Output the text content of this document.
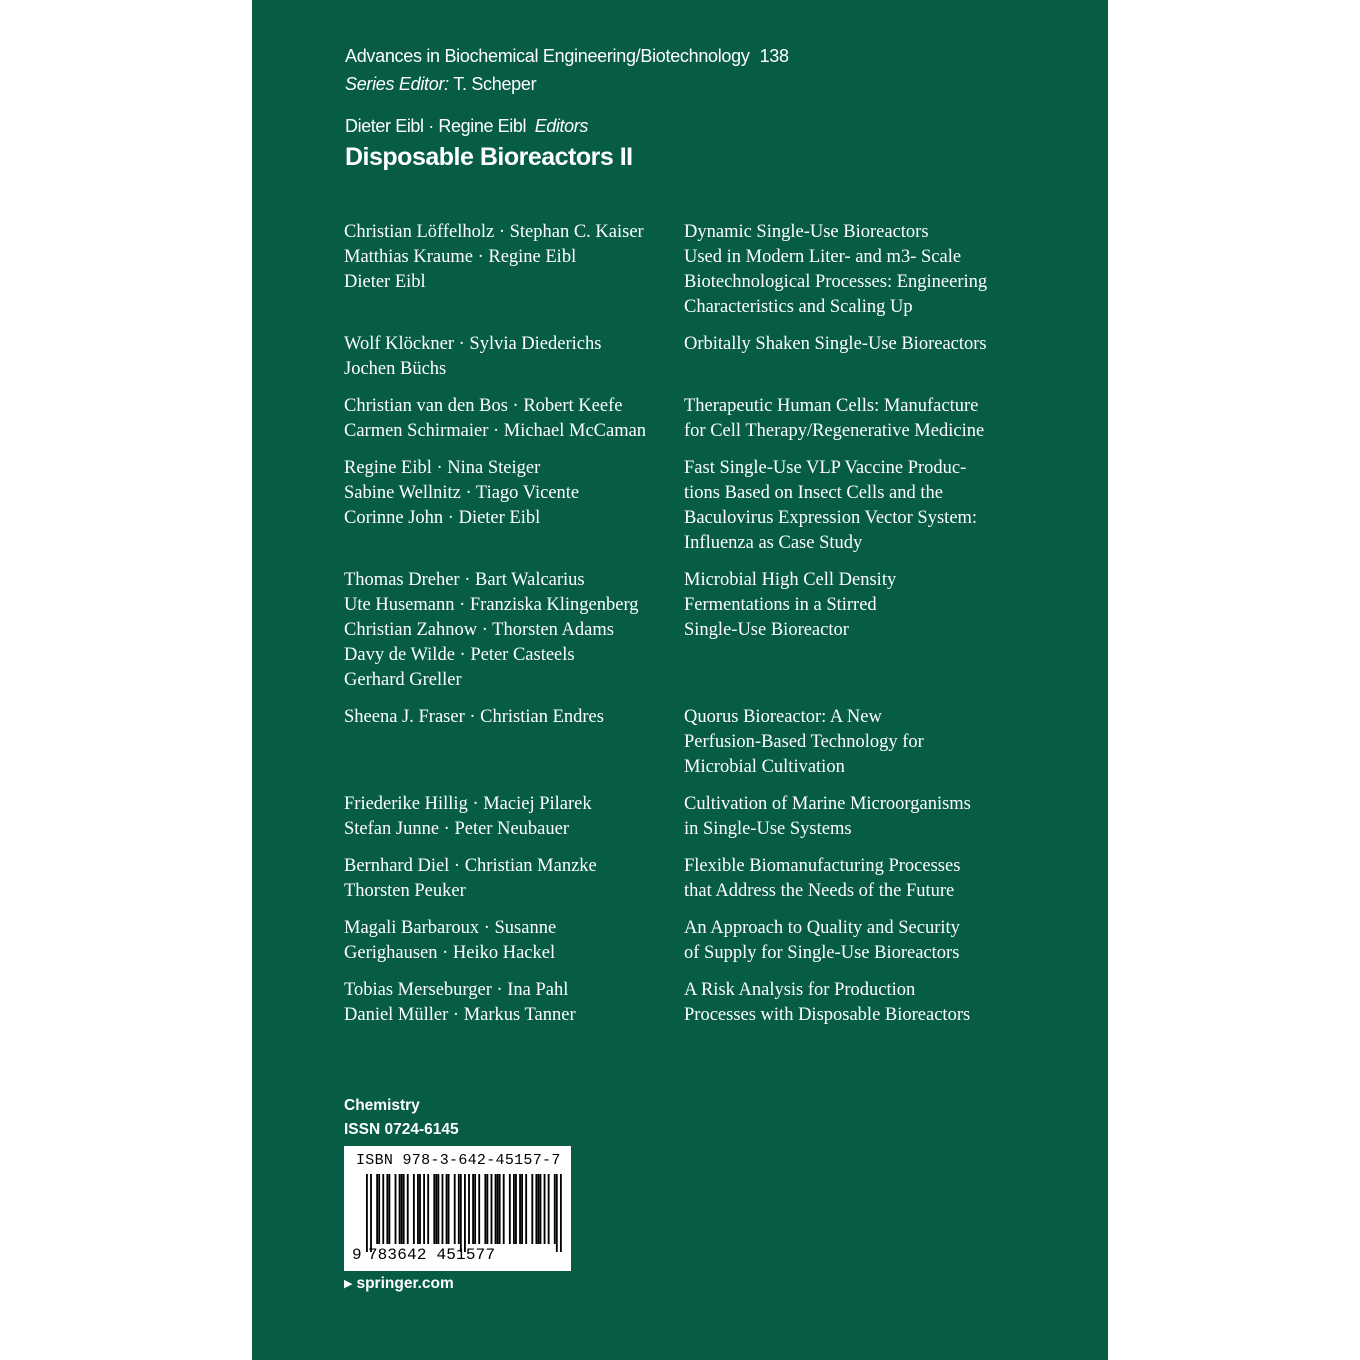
Advances in Biochemical Engineering/Biotechnology 138
Series Editor: T. Scheper
Dieter Eibl · Regine Eibl Editors
Disposable Bioreactors II
Christian Löffelholz · Stephan C. Kaiser
Matthias Kraume · Regine Eibl
Dieter Eibl
Dynamic Single-Use Bioreactors
Used in Modern Liter- and m3- Scale
Biotechnological Processes: Engineering
Characteristics and Scaling Up
Wolf Klöckner · Sylvia Diederichs
Jochen Büchs
Orbitally Shaken Single-Use Bioreactors
Christian van den Bos · Robert Keefe
Carmen Schirmaier · Michael McCaman
Therapeutic Human Cells: Manufacture
for Cell Therapy/Regenerative Medicine
Regine Eibl · Nina Steiger
Sabine Wellnitz · Tiago Vicente
Corinne John · Dieter Eibl
Fast Single-Use VLP Vaccine Produc-
tions Based on Insect Cells and the
Baculovirus Expression Vector System:
Influenza as Case Study
Thomas Dreher · Bart Walcarius
Ute Husemann · Franziska Klingenberg
Christian Zahnow · Thorsten Adams
Davy de Wilde · Peter Casteels
Gerhard Greller
Microbial High Cell Density
Fermentations in a Stirred
Single-Use Bioreactor
Sheena J. Fraser · Christian Endres	Quorus Bioreactor: A New
Perfusion-Based Technology for
Microbial Cultivation
Friederike Hillig · Maciej Pilarek
Stefan Junne · Peter Neubauer
Cultivation of Marine Microorganisms
in Single-Use Systems
Bernhard Diel · Christian Manzke
Thorsten Peuker
Flexible Biomanufacturing Processes
that Address the Needs of the Future
Magali Barbaroux · Susanne
Gerighausen · Heiko Hackel
An Approach to Quality and Security
of Supply for Single-Use Bioreactors
Tobias Merseburger · Ina Pahl
Daniel Müller · Markus Tanner
A Risk Analysis for Production
Processes with Disposable Bioreactors
Chemistry
ISSN 0724-6145
ISBN 978-3-642-45157-7
9 783642 451577
▶ springer.com
